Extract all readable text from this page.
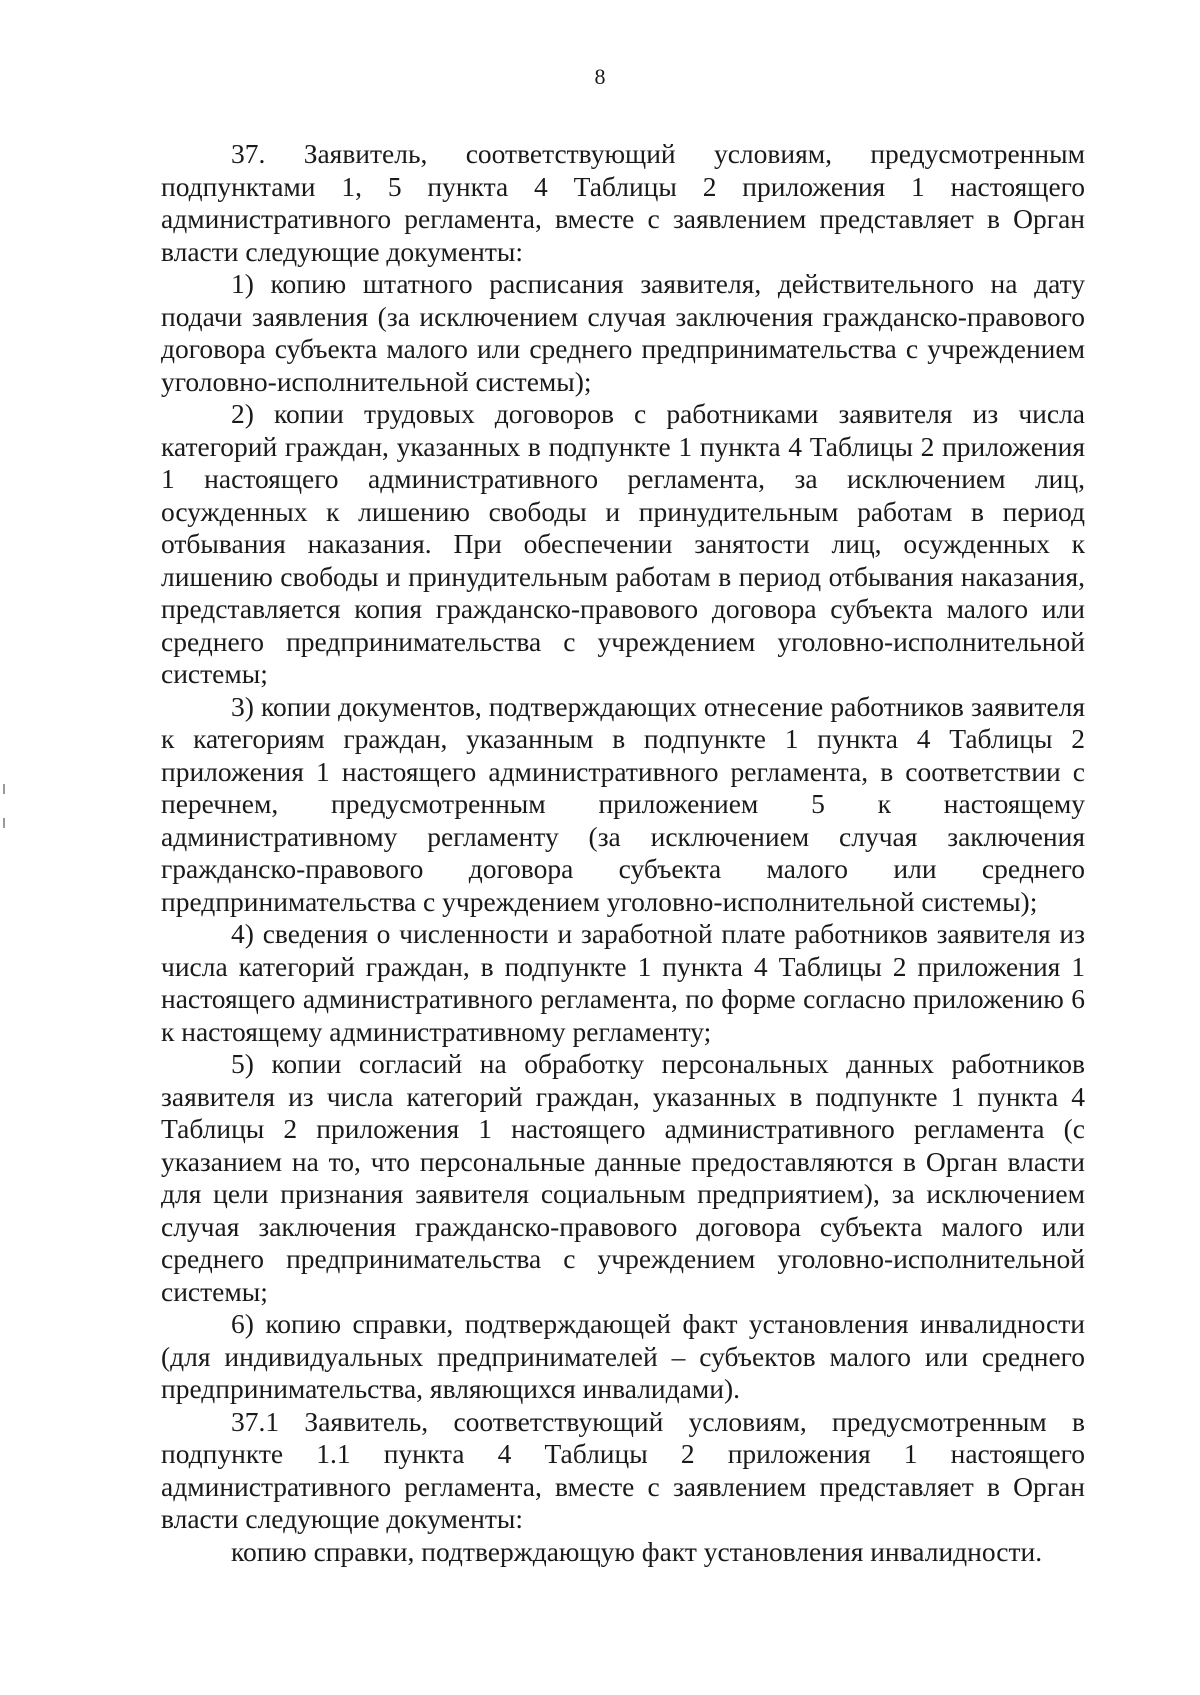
8

37. Заявитель, соответствующий условиям, предусмотренным подпунктами 1, 5 пункта 4 Таблицы 2 приложения 1 настоящего административного регламента, вместе с заявлением представляет в Орган власти следующие документы:

1) копию штатного расписания заявителя, действительного на дату подачи заявления (за исключением случая заключения гражданско-правового договора субъекта малого или среднего предпринимательства с учреждением уголовно-исполнительной системы);

2) копии трудовых договоров с работниками заявителя из числа категорий граждан, указанных в подпункте 1 пункта 4 Таблицы 2 приложения 1 настоящего административного регламента, за исключением лиц, осужденных к лишению свободы и принудительным работам в период отбывания наказания. При обеспечении занятости лиц, осужденных к лишению свободы и принудительным работам в период отбывания наказания, представляется копия гражданско-правового договора субъекта малого или среднего предпринимательства с учреждением уголовно-исполнительной системы;

3) копии документов, подтверждающих отнесение работников заявителя к категориям граждан, указанным в подпункте 1 пункта 4 Таблицы 2 приложения 1 настоящего административного регламента, в соответствии с перечнем, предусмотренным приложением 5 к настоящему административному регламенту (за исключением случая заключения гражданско-правового договора субъекта малого или среднего предпринимательства с учреждением уголовно-исполнительной системы);

4) сведения о численности и заработной плате работников заявителя из числа категорий граждан, в подпункте 1 пункта 4 Таблицы 2 приложения 1 настоящего административного регламента, по форме согласно приложению 6 к настоящему административному регламенту;

5) копии согласий на обработку персональных данных работников заявителя из числа категорий граждан, указанных в подпункте 1 пункта 4 Таблицы 2 приложения 1 настоящего административного регламента (с указанием на то, что персональные данные предоставляются в Орган власти для цели признания заявителя социальным предприятием), за исключением случая заключения гражданско-правового договора субъекта малого или среднего предпринимательства с учреждением уголовно-исполнительной системы;

6) копию справки, подтверждающей факт установления инвалидности (для индивидуальных предпринимателей – субъектов малого или среднего предпринимательства, являющихся инвалидами).

37.1 Заявитель, соответствующий условиям, предусмотренным в подпункте 1.1 пункта 4 Таблицы 2 приложения 1 настоящего административного регламента, вместе с заявлением представляет в Орган власти следующие документы:

копию справки, подтверждающую факт установления инвалидности.
